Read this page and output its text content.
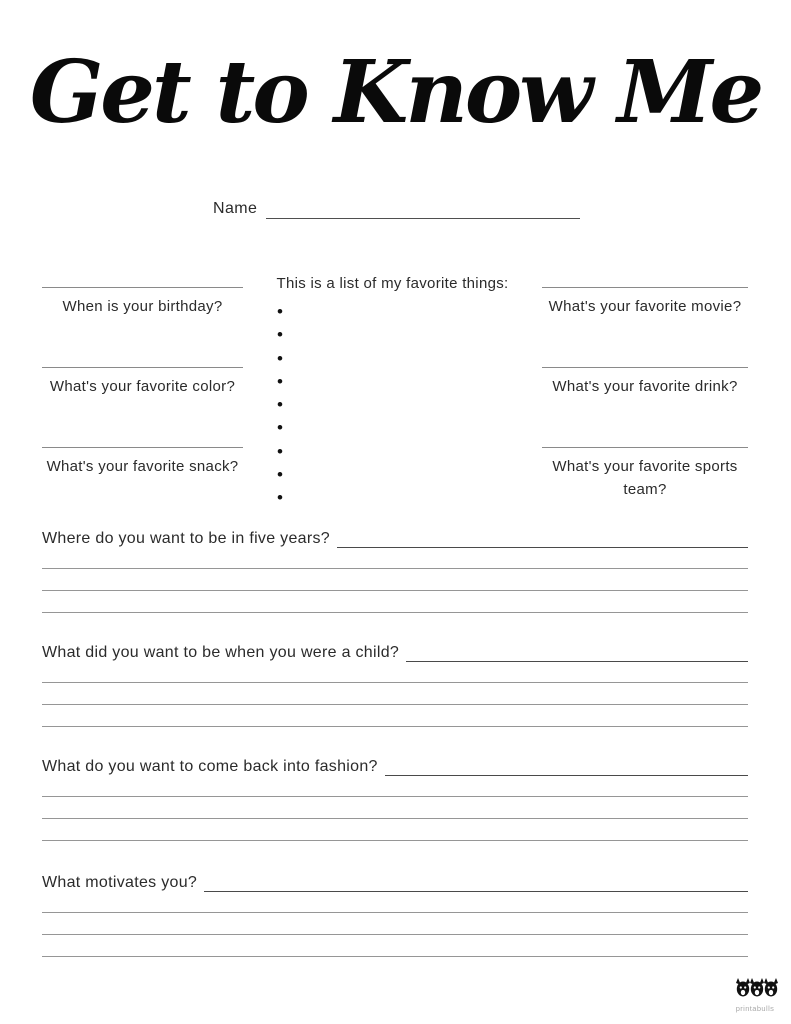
Get to Know Me
Name
When is your birthday?
What's your favorite color?
What's your favorite snack?
This is a list of my favorite things:
•
•
•
•
•
•
•
•
•
What's your favorite movie?
What's your favorite drink?
What's your favorite sports team?
Where do you want to be in five years?
What did you want to be when you were a child?
What do you want to come back into fashion?
What motivates you?
printabulls
